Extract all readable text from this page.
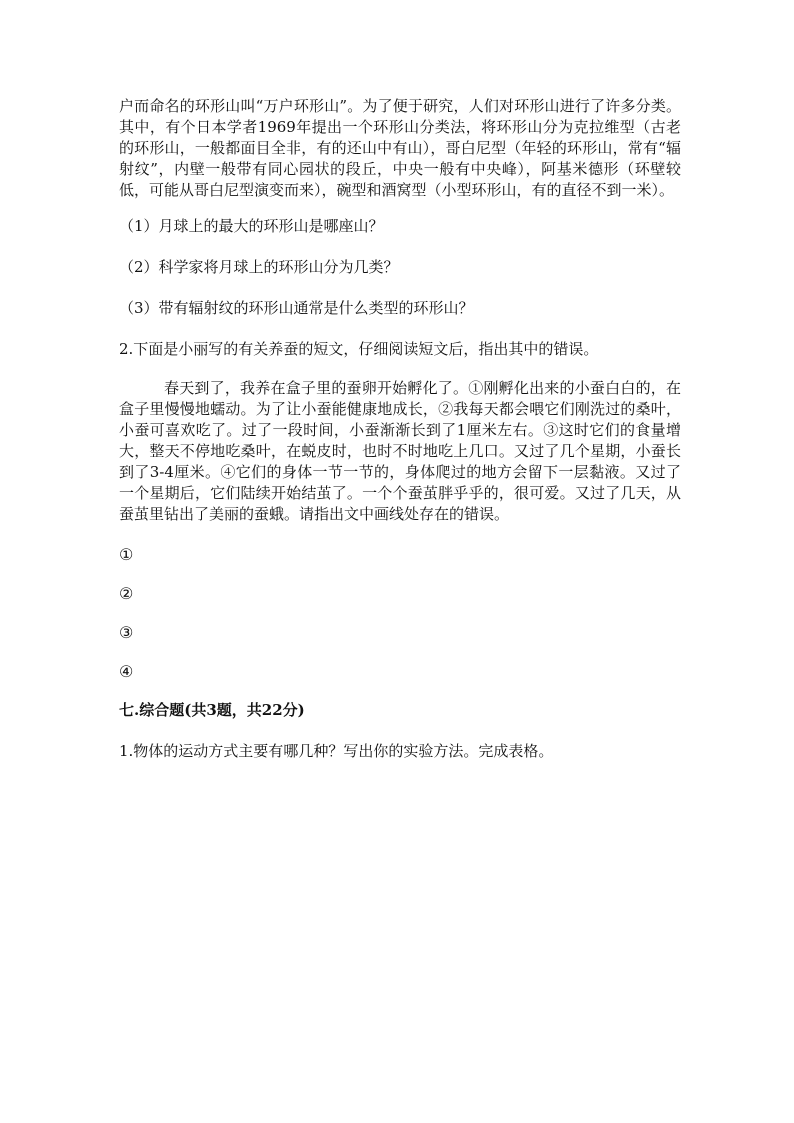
户而命名的环形山叫“万户环形山”。为了便于研究，人们对环形山进行了许多分类。其中，有个日本学者1969年提出一个环形山分类法，将环形山分为克拉维型（古老的环形山，一般都面目全非，有的还山中有山），哥白尼型（年轻的环形山，常有“辐射纹”，内壁一般带有同心园状的段丘，中央一般有中央峰），阿基米德形（环壁较低，可能从哥白尼型演变而来），碗型和酒窝型（小型环形山，有的直径不到一米）。

（1）月球上的最大的环形山是哪座山？

（2）科学家将月球上的环形山分为几类？

（3）带有辐射纹的环形山通常是什么类型的环形山？

2.下面是小丽写的有关养蚕的短文，仔细阅读短文后，指出其中的错误。

春天到了，我养在盒子里的蚕卵开始孵化了。①刚孵化出来的小蚕白白的，在盒子里慢慢地蠕动。为了让小蚕能健康地成长，②我每天都会喂它们刚洗过的桑叶，小蚕可喜欢吃了。过了一段时间，小蚕渐渐长到了1厘米左右。③这时它们的食量增大，整天不停地吃桑叶，在蜕皮时，也时不时地吃上几口。又过了几个星期，小蚕长到了3-4厘米。④它们的身体一节一节的，身体爬过的地方会留下一层黏液。又过了一个星期后，它们陆续开始结茧了。一个个蚕茧胖乎乎的，很可爱。又过了几天，从蚕茧里钻出了美丽的蚕蛾。请指出文中画线处存在的错误。

①

②

③

④

七.综合题(共3题，共22分)

1.物体的运动方式主要有哪几种？写出你的实验方法。完成表格。
